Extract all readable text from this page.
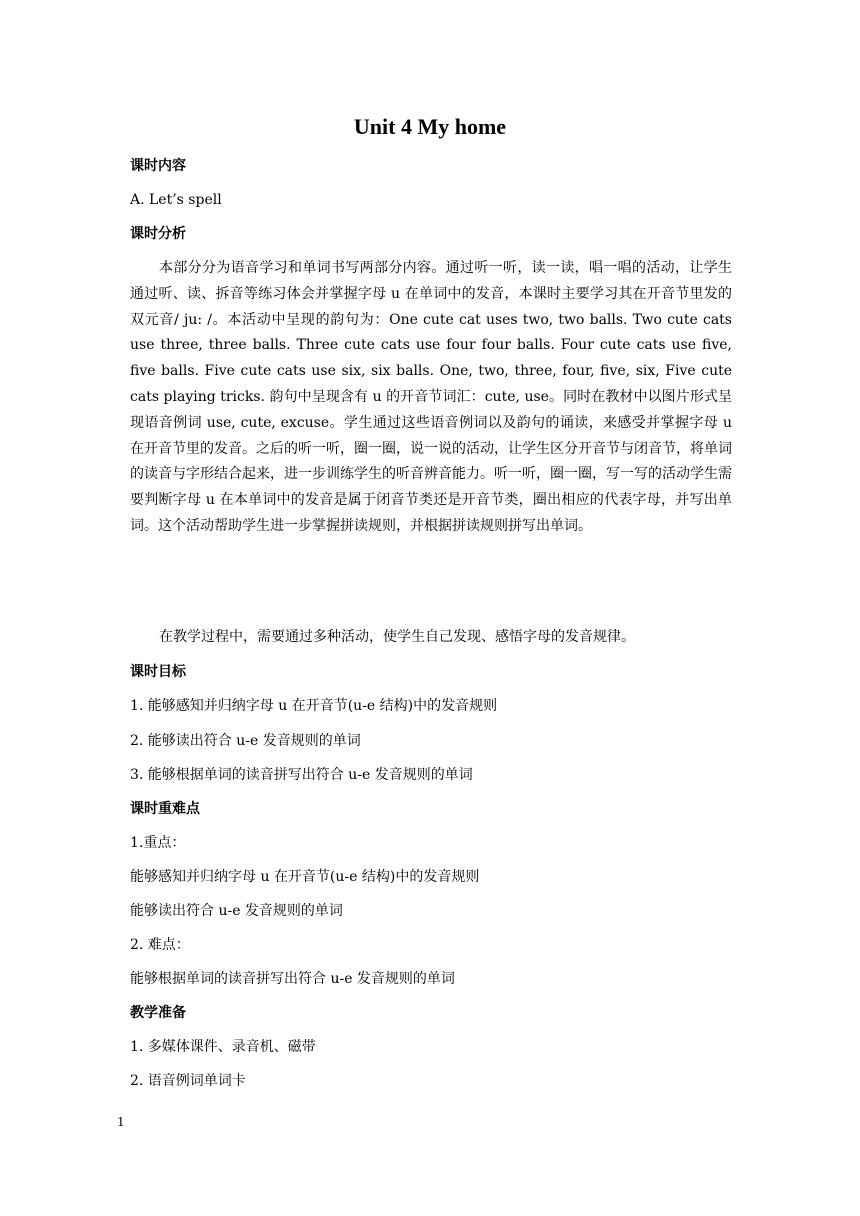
Unit 4 My home
课时内容
A. Let’s spell
课时分析

本部分分为语音学习和单词书写两部分内容。通过听一听，读一读，唱一唱的活动，让学生通过听、读、拆音等练习体会并掌握字母 u 在单词中的发音，本课时主要学习其在开音节里发的双元音/ ju: /。本活动中呈现的韵句为：One cute cat uses two, two balls. Two cute cats use three, three balls. Three cute cats use four four balls. Four cute cats use five, five balls. Five cute cats use six, six balls. One, two, three, four, five, six, Five cute cats playing tricks. 韵句中呈现含有 u 的开音节词汇：cute, use。同时在教材中以图片形式呈现语音例词 use, cute, excuse。学生通过这些语音例词以及韵句的诵读，来感受并掌握字母 u 在开音节里的发音。之后的听一听，圈一圈，说一说的活动，让学生区分开音节与闭音节，将单词的读音与字形结合起来，进一步训练学生的听音辨音能力。听一听，圈一圈，写一写的活动学生需要判断字母 u 在本单词中的发音是属于闭音节类还是开音节类，圈出相应的代表字母，并写出单词。这个活动帮助学生进一步掌握拼读规则，并根据拼读规则拼写出单词。

在教学过程中，需要通过多种活动，使学生自己发现、感悟字母的发音规律。

课时目标
1. 能够感知并归纳字母 u 在开音节(u-e 结构)中的发音规则
2. 能够读出符合 u-e 发音规则的单词
3. 能够根据单词的读音拼写出符合 u-e 发音规则的单词
课时重难点
1.重点：
能够感知并归纳字母 u 在开音节(u-e 结构)中的发音规则
能够读出符合 u-e 发音规则的单词
2. 难点：
能够根据单词的读音拼写出符合 u-e 发音规则的单词
教学准备
1. 多媒体课件、录音机、磁带
2. 语音例词单词卡
1
